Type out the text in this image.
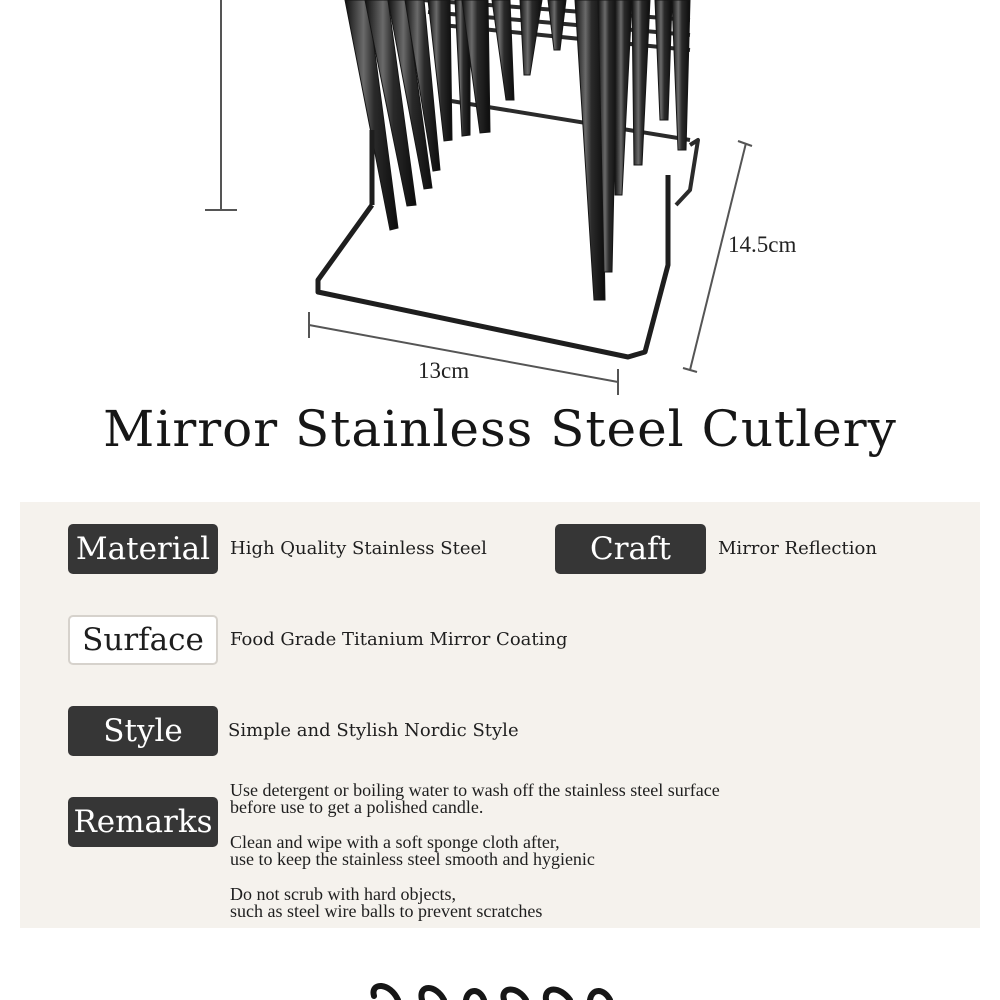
14.5cm
13cm
Mirror Stainless Steel Cutlery
Material	High Quality Stainless Steel	Craft	Mirror Reflection
Surface	Food Grade Titanium Mirror Coating
Style	Simple and Stylish Nordic Style
Remarks

Use detergent or boiling water to wash off the stainless steel surface
before use to get a polished candle.

Clean and wipe with a soft sponge cloth after,
use to keep the stainless steel smooth and hygienic

Do not scrub with hard objects,
such as steel wire balls to prevent scratches
